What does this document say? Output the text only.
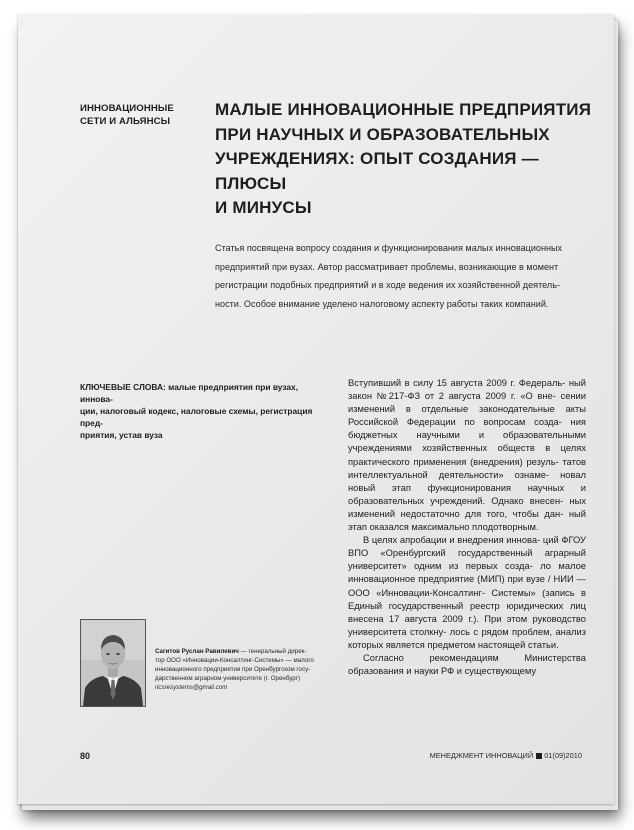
ИННОВАЦИОННЫЕ
СЕТИ И АЛЬЯНСЫ
МАЛЫЕ ИННОВАЦИОННЫЕ ПРЕДПРИЯТИЯ
ПРИ НАУЧНЫХ И ОБРАЗОВАТЕЛЬНЫХ
УЧРЕЖДЕНИЯХ: ОПЫТ СОЗДАНИЯ — ПЛЮСЫ
И МИНУСЫ
Статья посвящена вопросу создания и функционирования малых инновационных
предприятий при вузах. Автор рассматривает проблемы, возникающие в момент
регистрации подобных предприятий и в ходе ведения их хозяйственной деятель-
ности. Особое внимание уделено налоговому аспекту работы таких компаний.
КЛЮЧЕВЫЕ СЛОВА: малые предприятия при вузах, иннова-
ции, налоговый кодекс, налоговые схемы, регистрация пред-
приятия, устав вуза

Вступивший в силу 15 августа 2009 г. Федераль- ный закон №217-ФЗ от 2 августа 2009 г. «О вне- сении изменений в отдельные законодательные акты Российской Федерации по вопросам созда- ния бюджетных научными и образовательными учреждениями хозяйственных обществ в целях практического применения (внедрения) резуль- татов интеллектуальной деятельности» ознаме- новал новый этап функционирования научных и образовательных учреждений. Однако внесен- ных изменений недостаточно для того, чтобы дан- ный этап оказался максимально плодотворным.

В целях апробации и внедрения иннова- ций ФГОУ ВПО «Оренбургский государственный аграрный университет» одним из первых созда- ло малое инновационное предприятие (МИП) при вузе / НИИ — ООО «Инновации-Консалтинг- Системы» (запись в Единый государственный реестр юридических лиц внесена 17 августа 2009 г.). При этом руководство университета столкну- лось с рядом проблем, анализ которых является предметом настоящей статьи.

Согласно рекомендациям Министерства образования и науки РФ и существующему

Сагитов Руслан Равилевич — генеральный дирек-
тор ООО «Инновации-Консалтинг-Системы» — малого
инновационного предприятия при Оренбургском госу-
дарственном аграрном университете (г. Оренбург)
ricsresystems@gmail.com
80	МЕНЕДЖМЕНТ ИННОВАЦИЙ 01(09)2010
